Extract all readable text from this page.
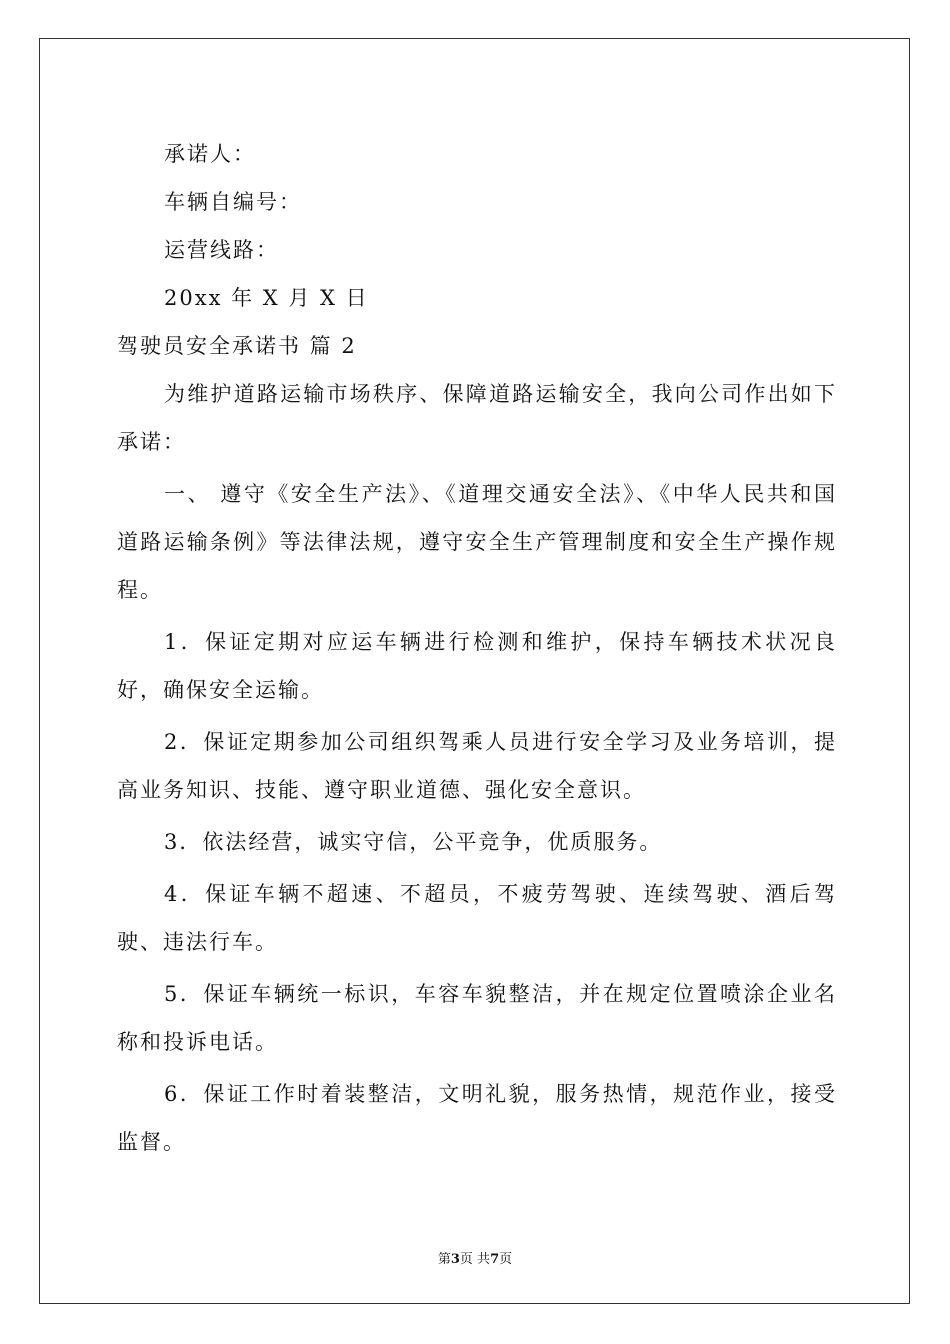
承诺人：
车辆自编号：
运营线路：
20xx 年 X 月 X 日
驾驶员安全承诺书 篇 2

为维护道路运输市场秩序、保障道路运输安全，我向公司作出如下承诺：

一、 遵守《安全生产法》、《道理交通安全法》、《中华人民共和国道路运输条例》等法律法规，遵守安全生产管理制度和安全生产操作规程。

1．保证定期对应运车辆进行检测和维护，保持车辆技术状况良好，确保安全运输。

2．保证定期参加公司组织驾乘人员进行安全学习及业务培训，提高业务知识、技能、遵守职业道德、强化安全意识。

3．依法经营，诚实守信，公平竞争，优质服务。

4．保证车辆不超速、不超员，不疲劳驾驶、连续驾驶、酒后驾驶、违法行车。

5．保证车辆统一标识，车容车貌整洁，并在规定位置喷涂企业名称和投诉电话。

6．保证工作时着装整洁，文明礼貌，服务热情，规范作业，接受监督。

第3页 共7页
